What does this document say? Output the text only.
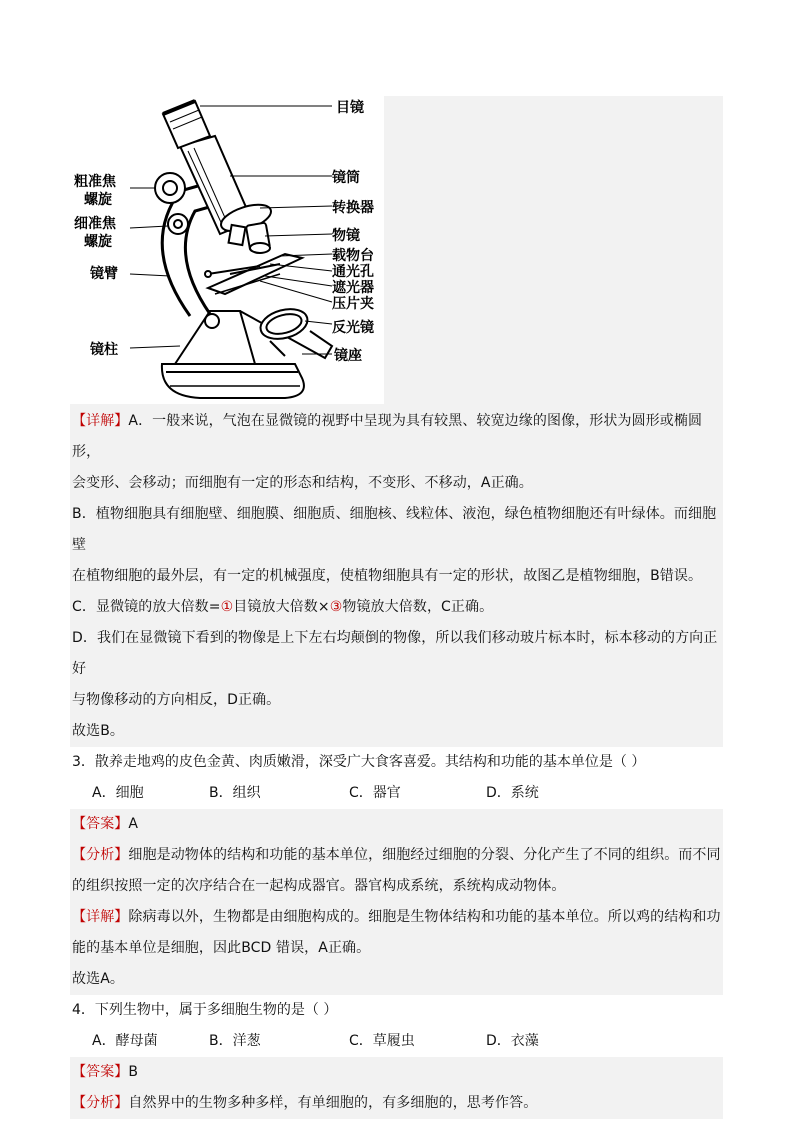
目镜
镜筒
转换器
物镜
载物台
通光孔
遮光器
压片夹
反光镜
镜座
粗准焦
螺旋
细准焦
螺旋
镜臂
镜柱
【详解】A．一般来说，气泡在显微镜的视野中呈现为具有较黑、较宽边缘的图像，形状为圆形或椭圆形，
会变形、会移动；而细胞有一定的形态和结构，不变形、不移动，A正确。
B．植物细胞具有细胞壁、细胞膜、细胞质、细胞核、线粒体、液泡，绿色植物细胞还有叶绿体。而细胞壁
在植物细胞的最外层，有一定的机械强度，使植物细胞具有一定的形状，故图乙是植物细胞，B错误。
C．显微镜的放大倍数=①目镜放大倍数×③物镜放大倍数，C正确。
D．我们在显微镜下看到的物像是上下左右均颠倒的物像，所以我们移动玻片标本时，标本移动的方向正好
与物像移动的方向相反，D正确。
故选B。
3．散养走地鸡的皮色金黄、肉质嫩滑，深受广大食客喜爱。其结构和功能的基本单位是（ ）
A．细胞	B．组织	C．器官	D．系统
【答案】A
【分析】细胞是动物体的结构和功能的基本单位，细胞经过细胞的分裂、分化产生了不同的组织。而不同
的组织按照一定的次序结合在一起构成器官。器官构成系统，系统构成动物体。
【详解】除病毒以外，生物都是由细胞构成的。细胞是生物体结构和功能的基本单位。所以鸡的结构和功
能的基本单位是细胞，因此BCD 错误，A正确。
故选A。
4．下列生物中，属于多细胞生物的是（ ）
A．酵母菌	B．洋葱	C．草履虫	D．衣藻
【答案】B
【分析】自然界中的生物多种多样，有单细胞的，有多细胞的，思考作答。
